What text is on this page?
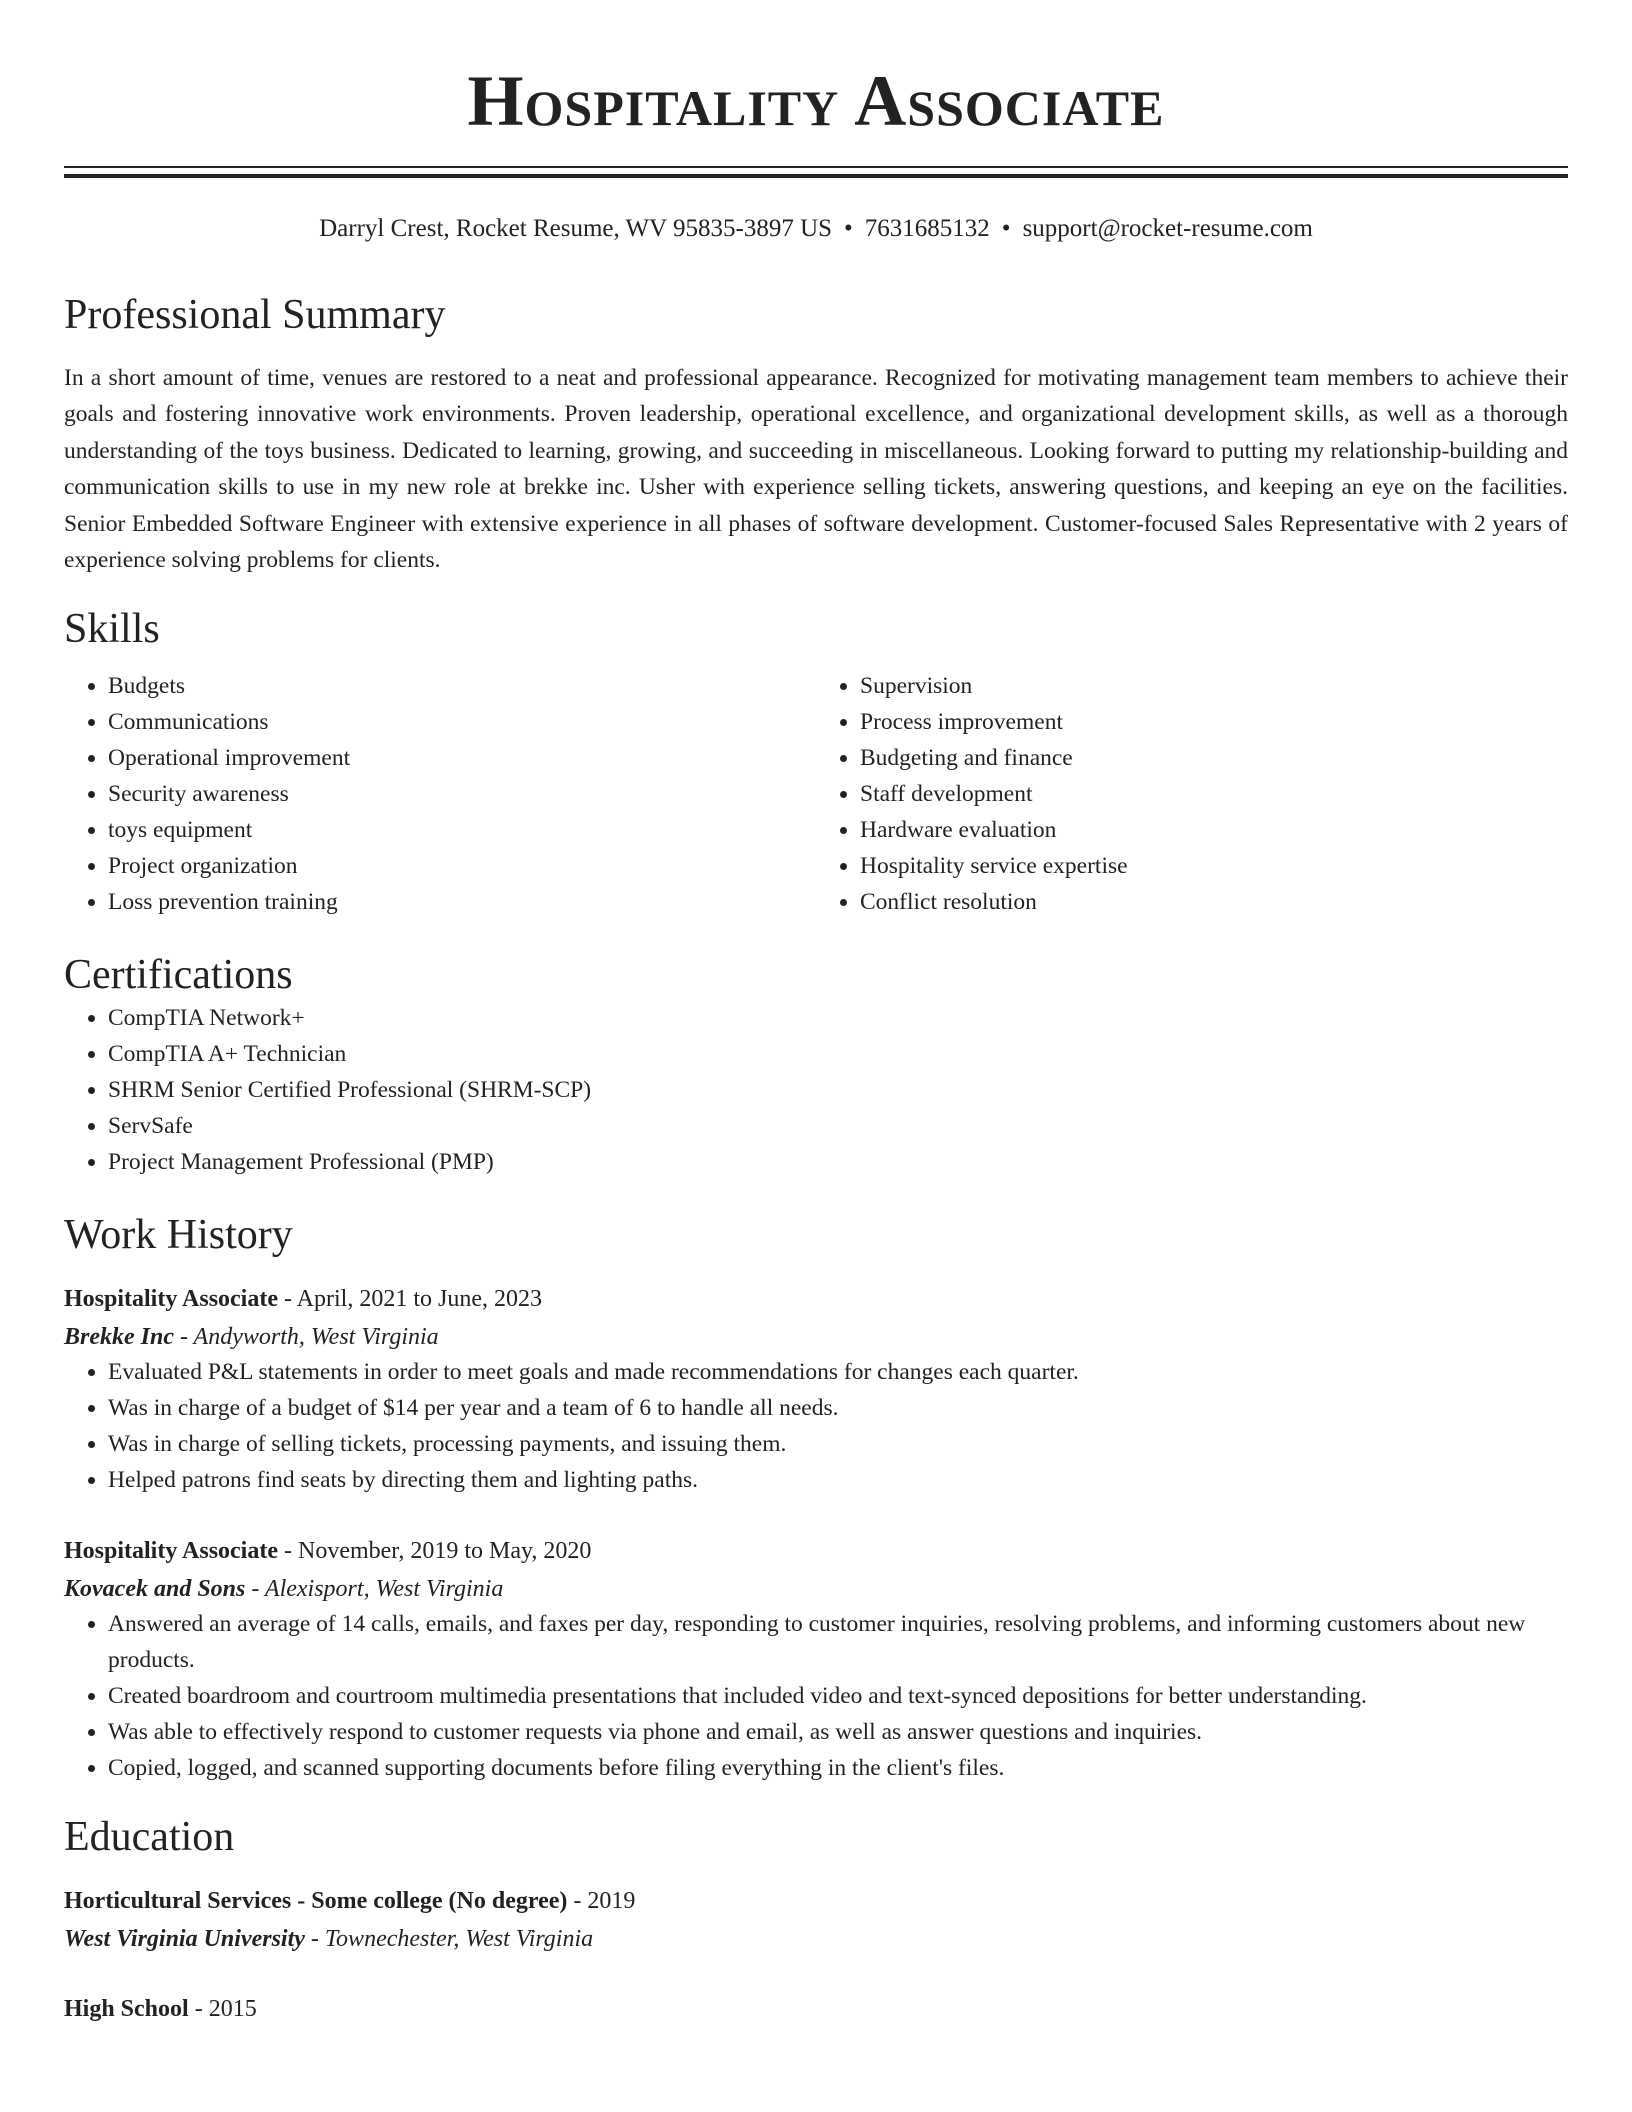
Hospitality Associate
Darryl Crest, Rocket Resume, WV 95835-3897 US • 7631685132 • support@rocket-resume.com
Professional Summary
In a short amount of time, venues are restored to a neat and professional appearance. Recognized for motivating management team members to achieve their goals and fostering innovative work environments. Proven leadership, operational excellence, and organizational development skills, as well as a thorough understanding of the toys business. Dedicated to learning, growing, and succeeding in miscellaneous. Looking forward to putting my relationship-building and communication skills to use in my new role at brekke inc. Usher with experience selling tickets, answering questions, and keeping an eye on the facilities. Senior Embedded Software Engineer with extensive experience in all phases of software development. Customer-focused Sales Representative with 2 years of experience solving problems for clients.
Skills
• Budgets
• Communications
• Operational improvement
• Security awareness
• toys equipment
• Project organization
• Loss prevention training
• Supervision
• Process improvement
• Budgeting and finance
• Staff development
• Hardware evaluation
• Hospitality service expertise
• Conflict resolution
Certifications
• CompTIA Network+
• CompTIA A+ Technician
• SHRM Senior Certified Professional (SHRM-SCP)
• ServSafe
• Project Management Professional (PMP)
Work History
Hospitality Associate - April, 2021 to June, 2023
Brekke Inc - Andyworth, West Virginia
• Evaluated P&L statements in order to meet goals and made recommendations for changes each quarter.
• Was in charge of a budget of $14 per year and a team of 6 to handle all needs.
• Was in charge of selling tickets, processing payments, and issuing them.
• Helped patrons find seats by directing them and lighting paths.
Hospitality Associate - November, 2019 to May, 2020
Kovacek and Sons - Alexisport, West Virginia
• Answered an average of 14 calls, emails, and faxes per day, responding to customer inquiries, resolving problems, and informing customers about new products.
• Created boardroom and courtroom multimedia presentations that included video and text-synced depositions for better understanding.
• Was able to effectively respond to customer requests via phone and email, as well as answer questions and inquiries.
• Copied, logged, and scanned supporting documents before filing everything in the client's files.
Education
Horticultural Services - Some college (No degree) - 2019
West Virginia University - Townechester, West Virginia
High School - 2015
